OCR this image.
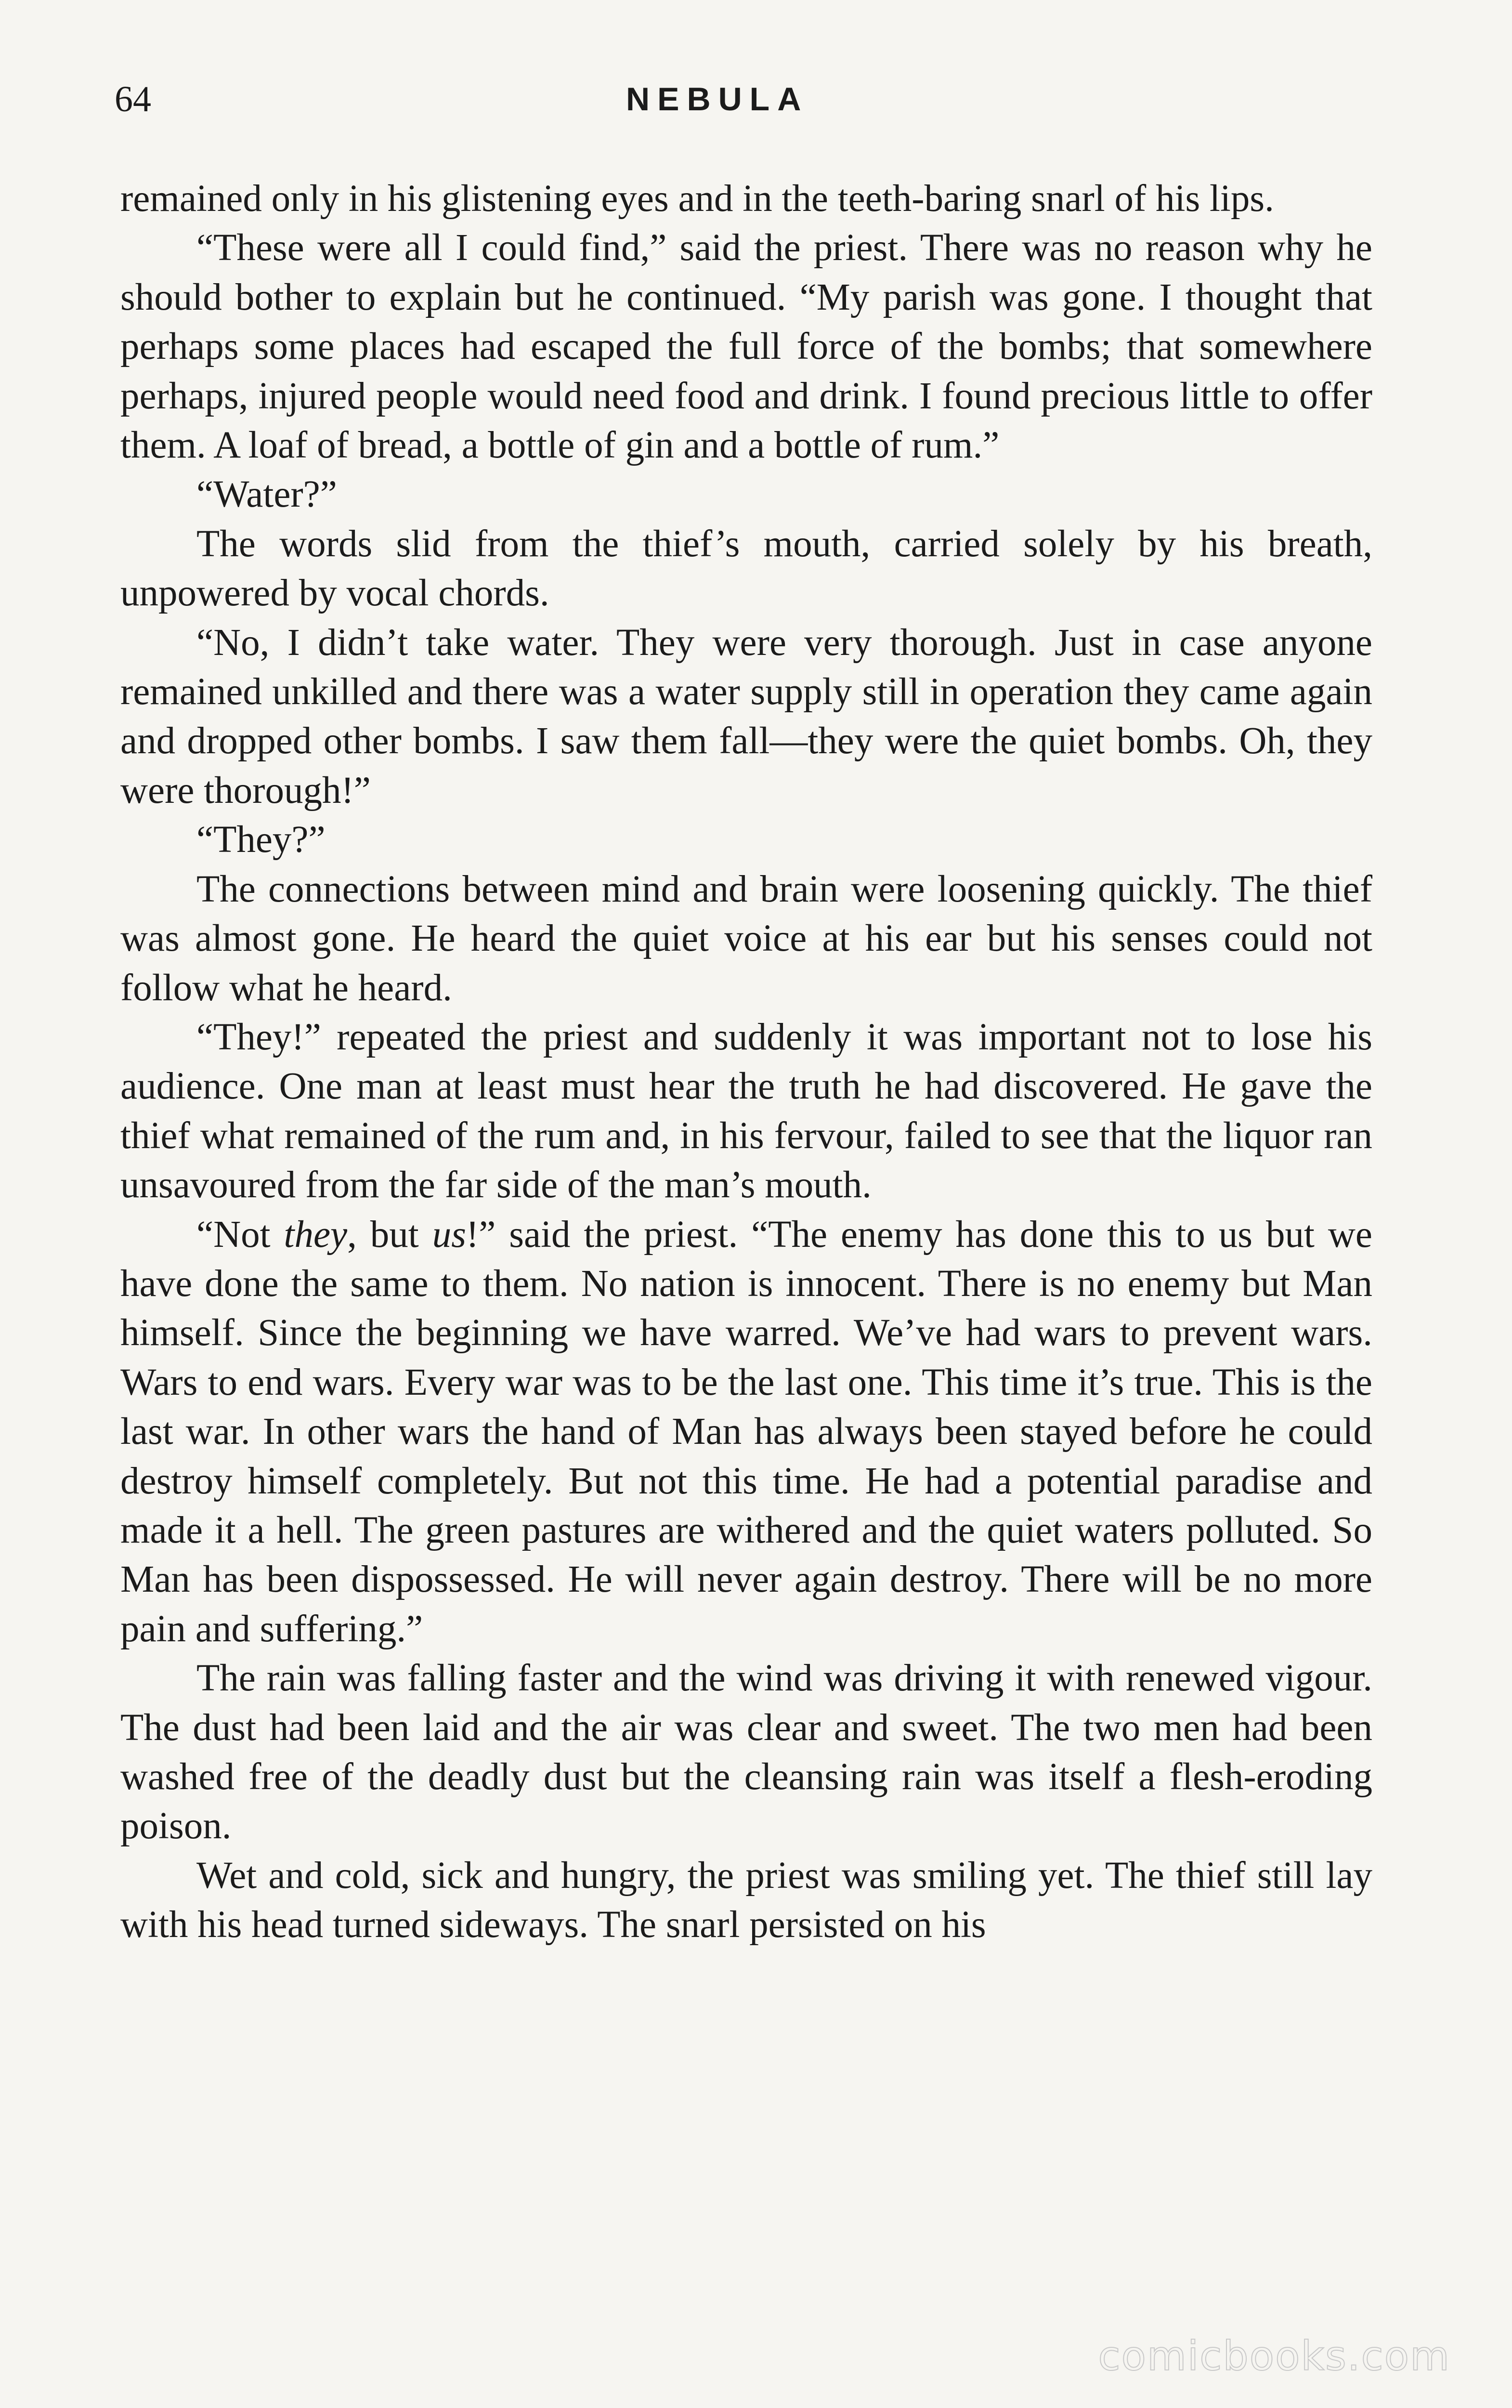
64	NEBULA

remained only in his glistening eyes and in the teeth-baring snarl of his lips.

“These were all I could find,” said the priest. There was no reason why he should bother to explain but he continued. “My parish was gone. I thought that perhaps some places had escaped the full force of the bombs; that somewhere perhaps, injured people would need food and drink. I found precious little to offer them. A loaf of bread, a bottle of gin and a bottle of rum.”

“Water?”

The words slid from the thief’s mouth, carried solely by his breath, unpowered by vocal chords.

“No, I didn’t take water. They were very thorough. Just in case anyone remained unkilled and there was a water supply still in operation they came again and dropped other bombs. I saw them fall—they were the quiet bombs. Oh, they were thorough!”

“They?”

The connections between mind and brain were loosening quickly. The thief was almost gone. He heard the quiet voice at his ear but his senses could not follow what he heard.

“They!” repeated the priest and suddenly it was important not to lose his audience. One man at least must hear the truth he had discovered. He gave the thief what remained of the rum and, in his fervour, failed to see that the liquor ran unsavoured from the far side of the man’s mouth.

“Not they, but us!” said the priest. “The enemy has done this to us but we have done the same to them. No nation is innocent. There is no enemy but Man himself. Since the beginning we have warred. We’ve had wars to prevent wars. Wars to end wars. Every war was to be the last one. This time it’s true. This is the last war. In other wars the hand of Man has always been stayed before he could destroy himself completely. But not this time. He had a potential paradise and made it a hell. The green pastures are withered and the quiet waters polluted. So Man has been dispossessed. He will never again destroy. There will be no more pain and suffering.”

The rain was falling faster and the wind was driving it with renewed vigour. The dust had been laid and the air was clear and sweet. The two men had been washed free of the deadly dust but the cleansing rain was itself a flesh-eroding poison.

Wet and cold, sick and hungry, the priest was smiling yet. The thief still lay with his head turned sideways. The snarl persisted on his

comicbooks.com
